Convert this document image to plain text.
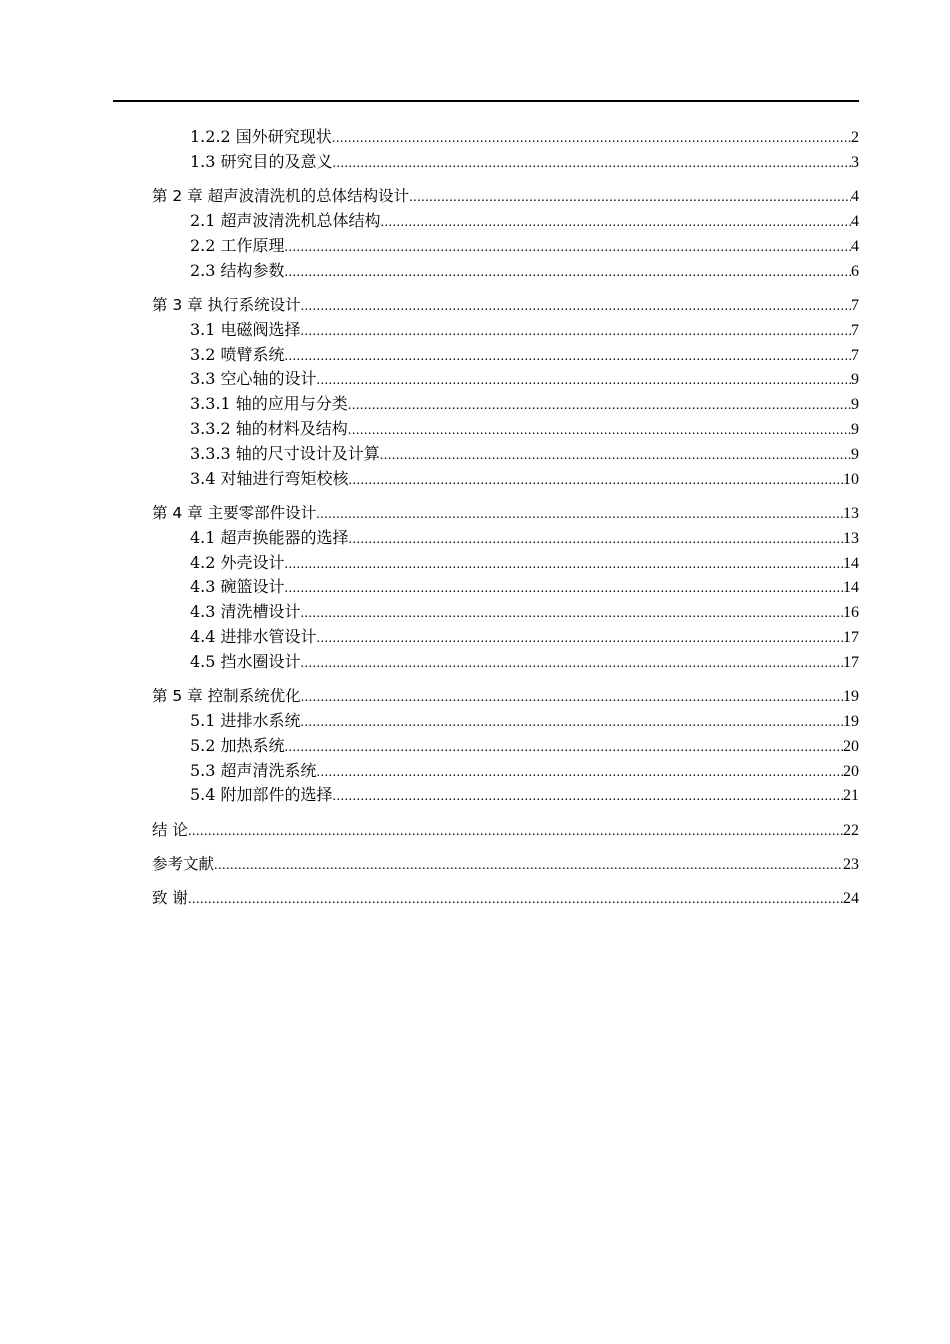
1.2.2 国外研究现状 .....	2
1.3 研究目的及意义 .....	3
第 2 章 超声波清洗机的总体结构设计 .....	4
2.1 超声波清洗机总体结构 .....	4
2.2 工作原理 .....	4
2.3 结构参数 .....	6
第 3 章 执行系统设计 .....	7
3.1 电磁阀选择 .....	7
3.2 喷臂系统 .....	7
3.3 空心轴的设计 .....	9
3.3.1 轴的应用与分类 .....	9
3.3.2 轴的材料及结构 .....	9
3.3.3 轴的尺寸设计及计算 .....	9
3.4 对轴进行弯矩校核 .....	10
第 4 章 主要零部件设计 .....	13
4.1 超声换能器的选择 .....	13
4.2 外壳设计 .....	14
4.3 碗篮设计 .....	14
4.3 清洗槽设计 .....	16
4.4 进排水管设计 .....	17
4.5 挡水圈设计 .....	17
第 5 章 控制系统优化 .....	19
5.1 进排水系统 .....	19
5.2 加热系统 .....	20
5.3 超声清洗系统 .....	20
5.4 附加部件的选择 .....	21
结 论 .....	22
参考文献 .....	23
致 谢 .....	24
